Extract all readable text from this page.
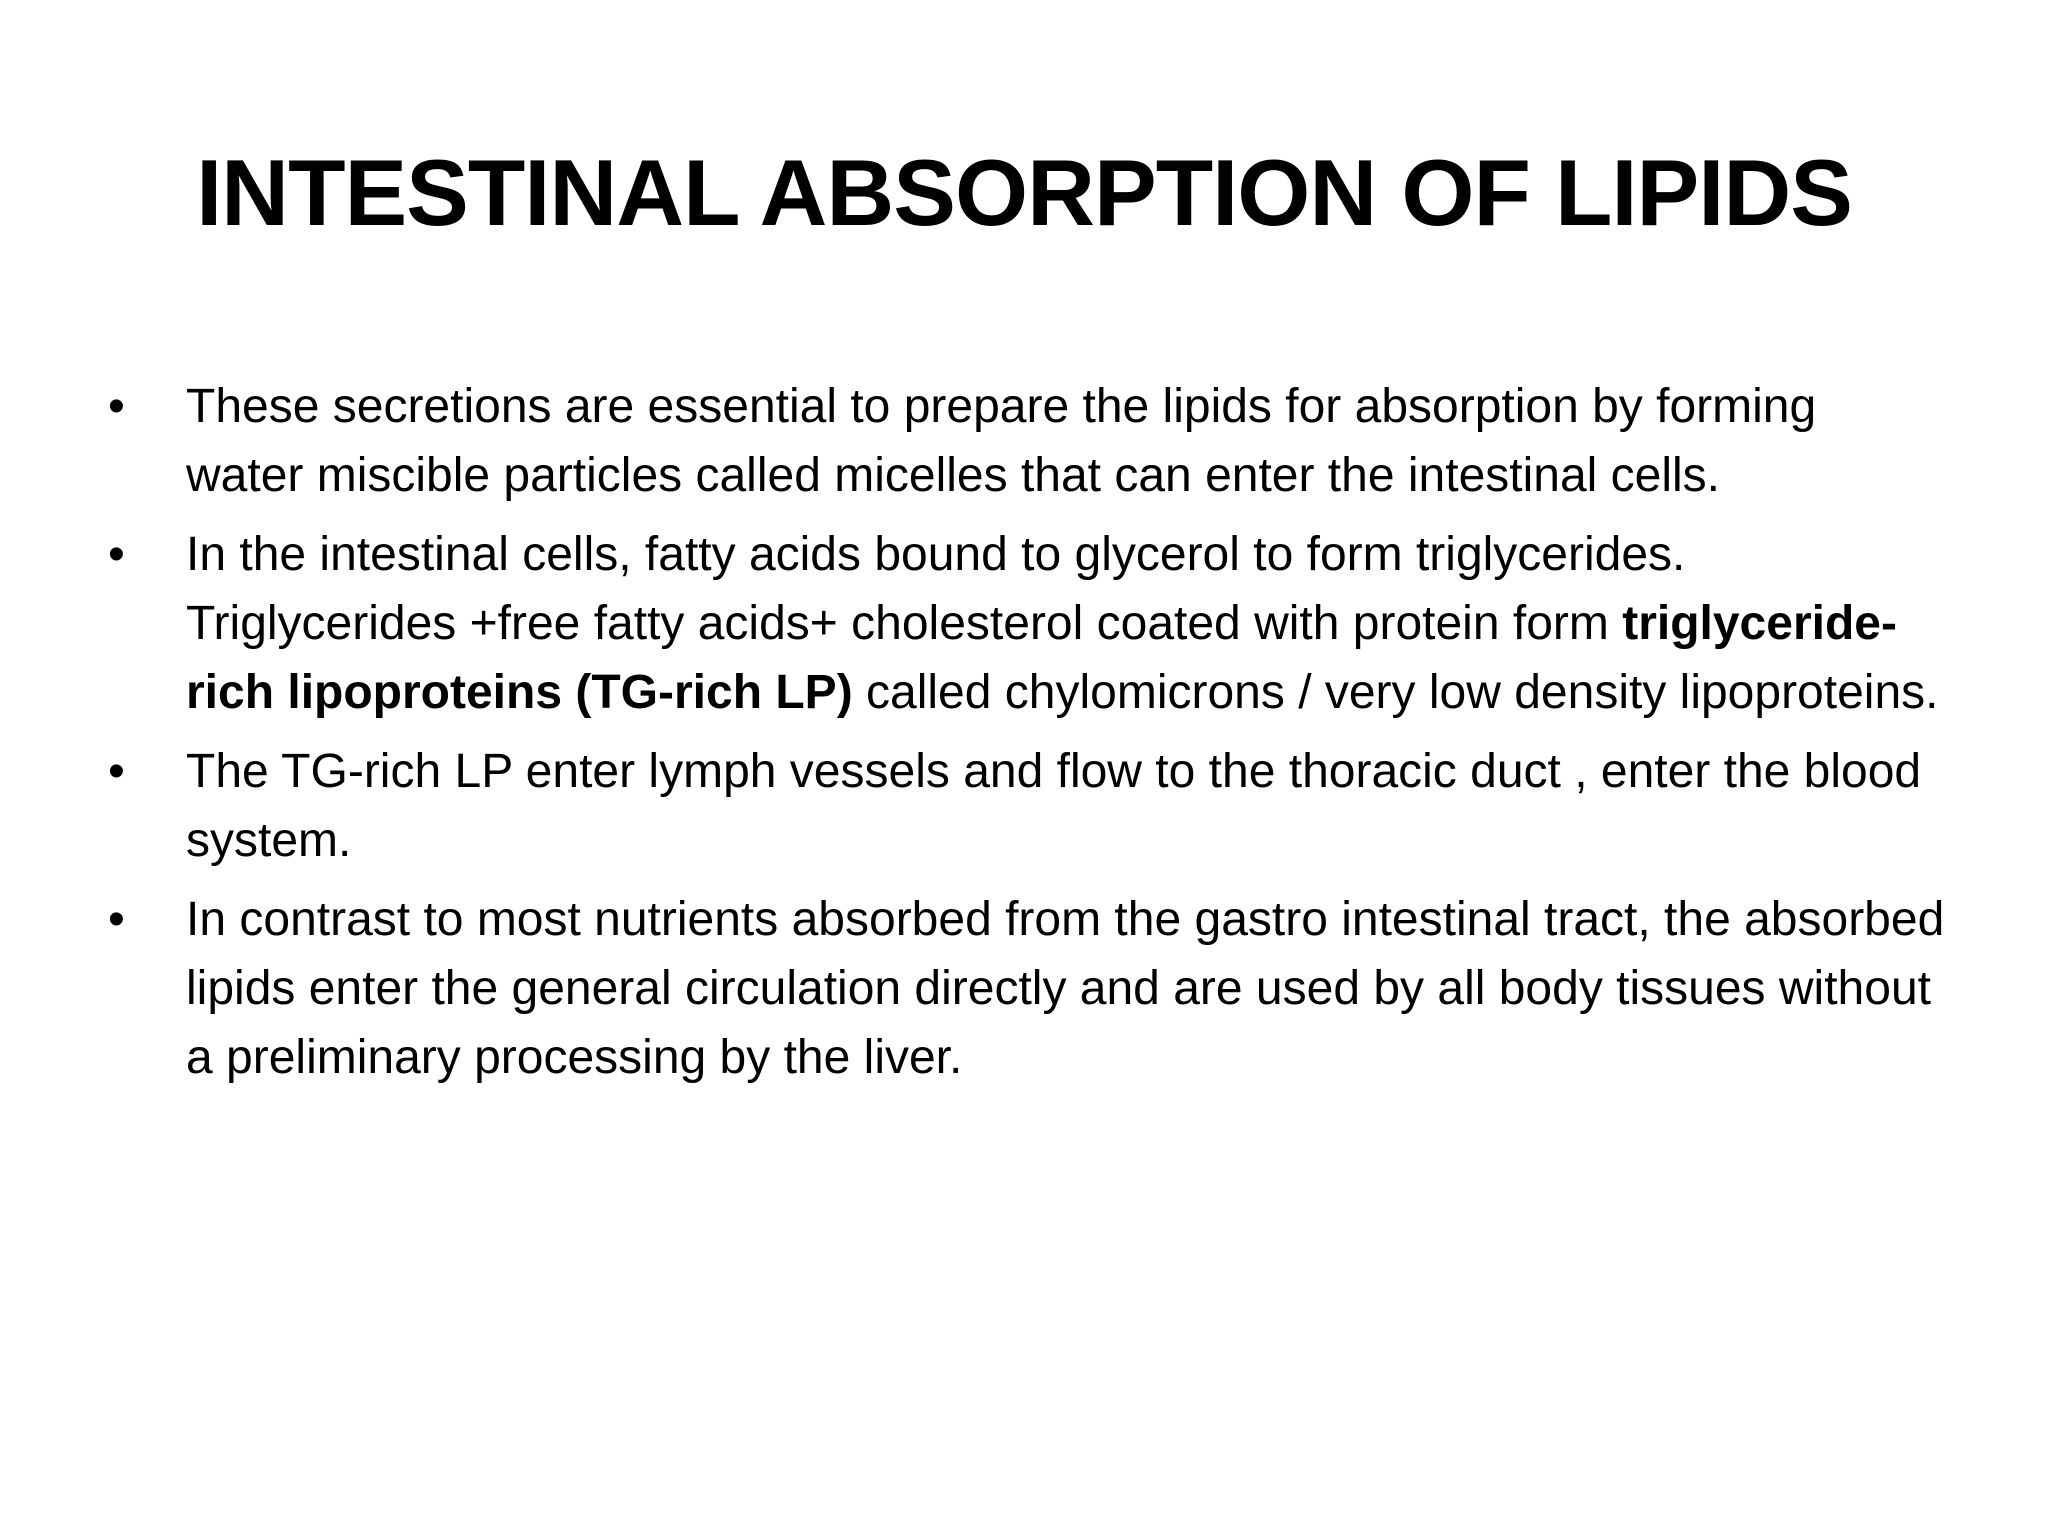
INTESTINAL ABSORPTION OF LIPIDS
• These secretions are essential to prepare the lipids for absorption by forming water miscible particles called micelles that can enter the intestinal cells.
• In the intestinal cells, fatty acids bound to glycerol to form triglycerides. Triglycerides +free fatty acids+ cholesterol coated with protein form triglyceride-rich lipoproteins (TG-rich LP) called chylomicrons / very low density lipoproteins.
• The TG-rich LP enter lymph vessels and flow to the thoracic duct , enter the blood system.
• In contrast to most nutrients absorbed from the gastro intestinal tract, the absorbed lipids enter the general circulation directly and are used by all body tissues without a preliminary processing by the liver.
